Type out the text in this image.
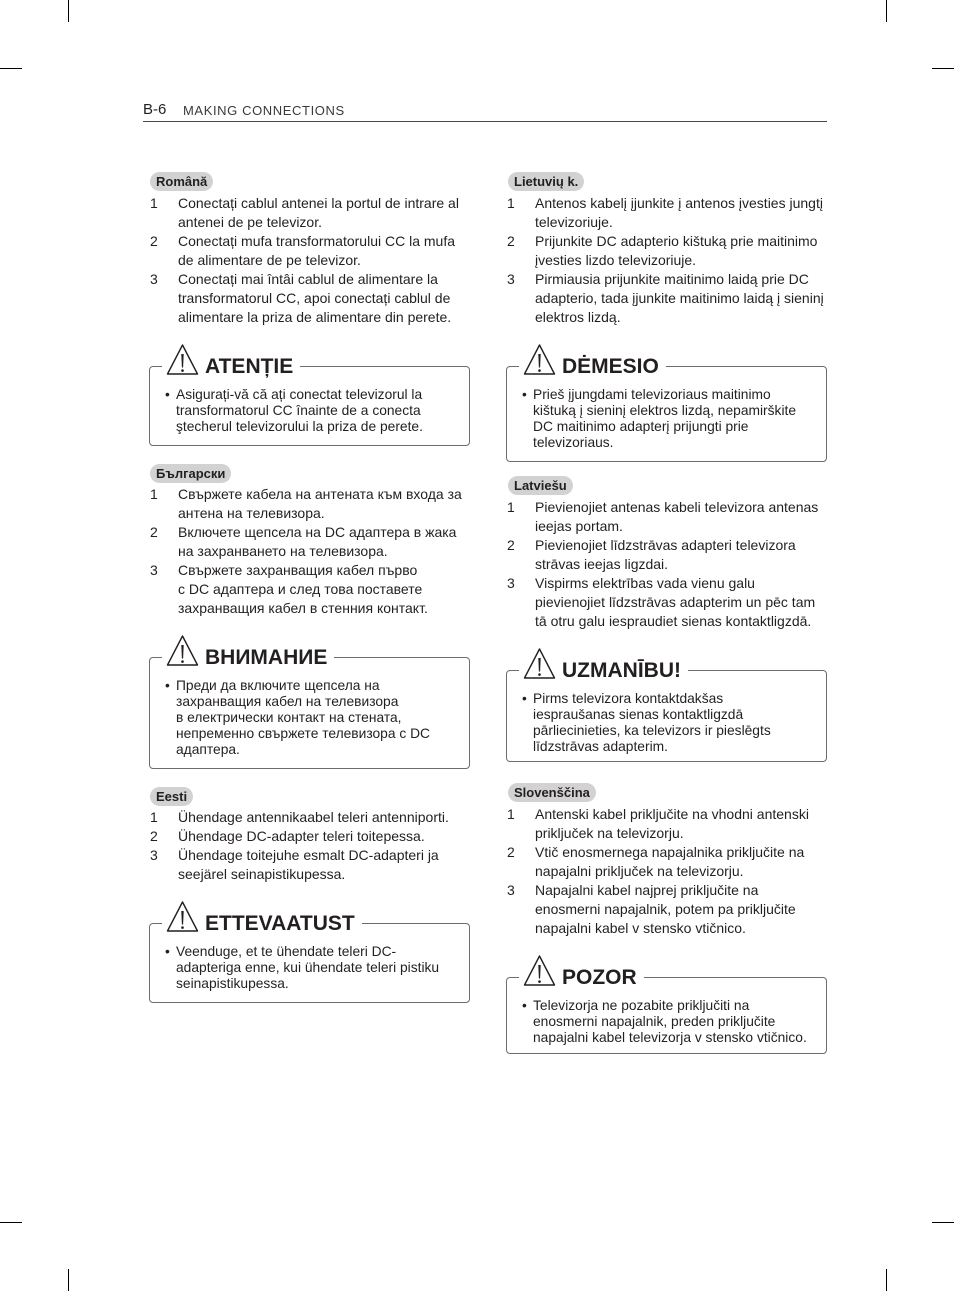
B-6 MAKING CONNECTIONS
Română
1 Conectați cablul antenei la portul de intrare al
antenei de pe televizor.
2 Conectați mufa transformatorului CC la mufa
de alimentare de pe televizor.
3 Conectați mai întâi cablul de alimentare la
transformatorul CC, apoi conectați cablul de
alimentare la priza de alimentare din perete.
ATENȚIE
• Asigurați-vă că ați conectat televizorul la
transformatorul CC înainte de a conecta
ştecherul televizorului la priza de perete.
Български
1 Свържете кабела на антената към входа за
антена на телевизора.
2 Включете щепсела на DC адаптера в жака
на захранването на телевизора.
3 Свържете захранващия кабел първо
с DC адаптера и след това поставете
захранващия кабел в стенния контакт.
ВНИМАНИЕ
• Преди да включите щепсела на
захранващия кабел на телевизора
в електрически контакт на стената,
непременно свържете телевизора с DC
адаптера.
Eesti
1 Ühendage antennikaabel teleri antenniporti.
2 Ühendage DC-adapter teleri toitepessa.
3 Ühendage toitejuhe esmalt DC-adapteri ja
seejärel seinapistikupessa.
ETTEVAATUST
• Veenduge, et te ühendate teleri DC-
adapteriga enne, kui ühendate teleri pistiku
seinapistikupessa.
Lietuvių k.
1 Antenos kabelį įjunkite į antenos įvesties jungtį
televizoriuje.
2 Prijunkite DC adapterio kištuką prie maitinimo
įvesties lizdo televizoriuje.
3 Pirmiausia prijunkite maitinimo laidą prie DC
adapterio, tada įjunkite maitinimo laidą į sieninį
elektros lizdą.
DĖMESIO
• Prieš įjungdami televizoriaus maitinimo
kištuką į sieninį elektros lizdą, nepamirškite
DC maitinimo adapterį prijungti prie
televizoriaus.
Latviešu
1 Pievienojiet antenas kabeli televizora antenas
ieejas portam.
2 Pievienojiet līdzstrāvas adapteri televizora
strāvas ieejas ligzdai.
3 Vispirms elektrības vada vienu galu
pievienojiet līdzstrāvas adapterim un pēc tam
tā otru galu iespraudiet sienas kontaktligzdā.
UZMANĪBU!
• Pirms televizora kontaktdakšas
iespraušanas sienas kontaktligzdā
pārliecinieties, ka televizors ir pieslēgts
līdzstrāvas adapterim.
Slovenščina
1 Antenski kabel priključite na vhodni antenski
priključek na televizorju.
2 Vtič enosmernega napajalnika priključite na
napajalni priključek na televizorju.
3 Napajalni kabel najprej priključite na
enosmerni napajalnik, potem pa priključite
napajalni kabel v stensko vtičnico.
POZOR
• Televizorja ne pozabite priključiti na
enosmerni napajalnik, preden priključite
napajalni kabel televizorja v stensko vtičnico.
